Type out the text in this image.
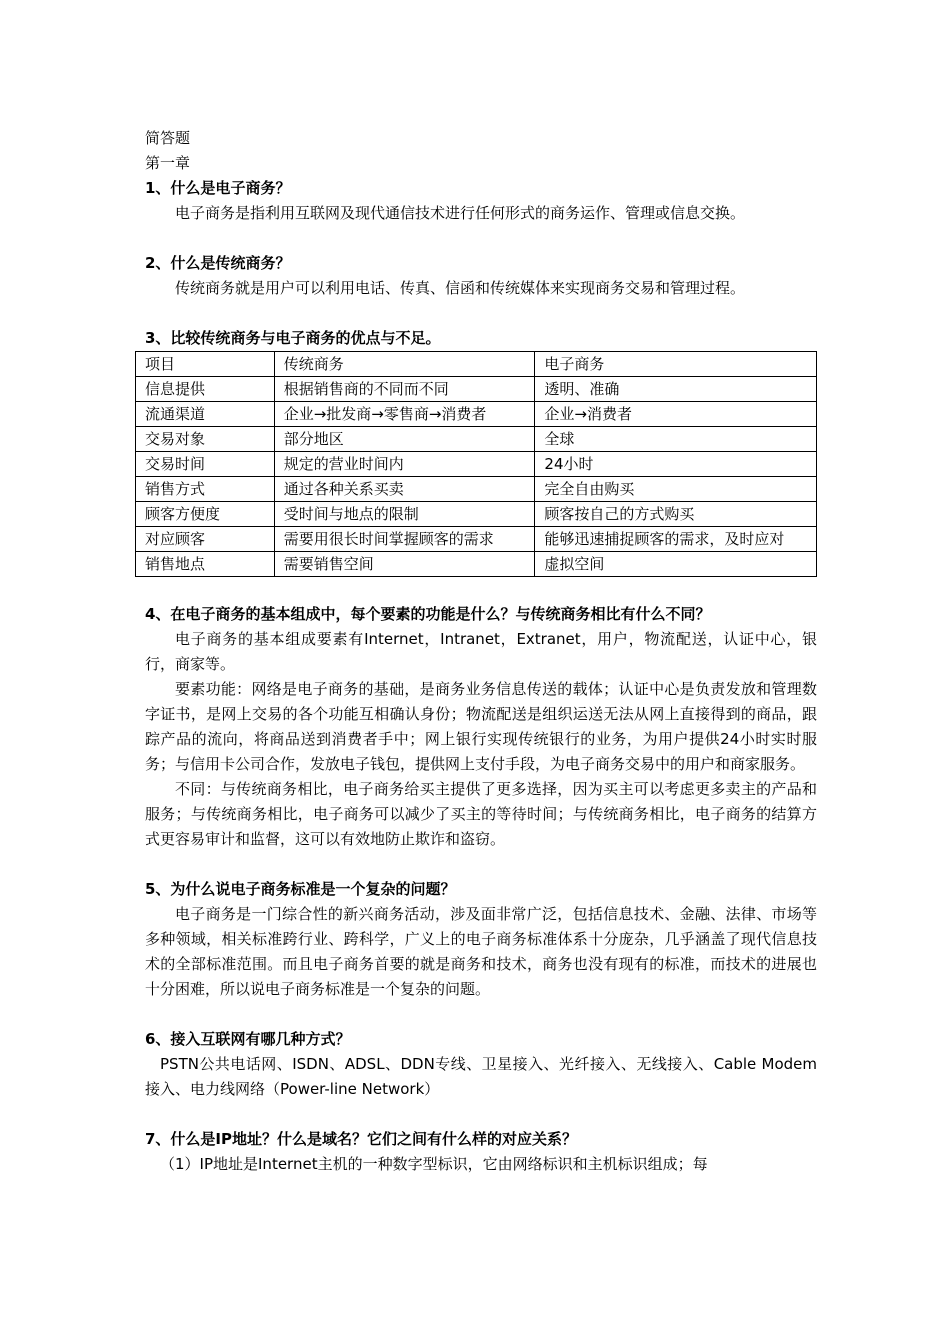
简答题
第一章
1、什么是电子商务？

电子商务是指利用互联网及现代通信技术进行任何形式的商务运作、管理或信息交换。

2、什么是传统商务？

传统商务就是用户可以利用电话、传真、信函和传统媒体来实现商务交易和管理过程。

3、比较传统商务与电子商务的优点与不足。
项目	传统商务	电子商务
信息提供	根据销售商的不同而不同	透明、准确
流通渠道	企业→批发商→零售商→消费者	企业→消费者
交易对象	部分地区	全球
交易时间	规定的营业时间内	24小时
销售方式	通过各种关系买卖	完全自由购买
顾客方便度	受时间与地点的限制	顾客按自己的方式购买
对应顾客	需要用很长时间掌握顾客的需求	能够迅速捕捉顾客的需求，及时应对
销售地点	需要销售空间	虚拟空间
4、在电子商务的基本组成中，每个要素的功能是什么？与传统商务相比有什么不同？

电子商务的基本组成要素有Internet，Intranet，Extranet，用户，物流配送，认证中心，银行，商家等。

要素功能：网络是电子商务的基础，是商务业务信息传送的载体；认证中心是负责发放和管理数字证书，是网上交易的各个功能互相确认身份；物流配送是组织运送无法从网上直接得到的商品，跟踪产品的流向，将商品送到消费者手中；网上银行实现传统银行的业务，为用户提供24小时实时服务；与信用卡公司合作，发放电子钱包，提供网上支付手段，为电子商务交易中的用户和商家服务。

不同：与传统商务相比，电子商务给买主提供了更多选择，因为买主可以考虑更多卖主的产品和服务；与传统商务相比，电子商务可以减少了买主的等待时间；与传统商务相比，电子商务的结算方式更容易审计和监督，这可以有效地防止欺诈和盗窃。

5、为什么说电子商务标准是一个复杂的问题？

电子商务是一门综合性的新兴商务活动，涉及面非常广泛，包括信息技术、金融、法律、市场等多种领域，相关标准跨行业、跨科学，广义上的电子商务标准体系十分庞杂，几乎涵盖了现代信息技术的全部标准范围。而且电子商务首要的就是商务和技术，商务也没有现有的标准，而技术的进展也十分困难，所以说电子商务标准是一个复杂的问题。

6、接入互联网有哪几种方式？

PSTN公共电话网、ISDN、ADSL、DDN专线、卫星接入、光纤接入、无线接入、Cable Modem接入、电力线网络（Power-line Network）

7、什么是IP地址？什么是域名？它们之间有什么样的对应关系？

（1）IP地址是Internet主机的一种数字型标识，它由网络标识和主机标识组成；每
